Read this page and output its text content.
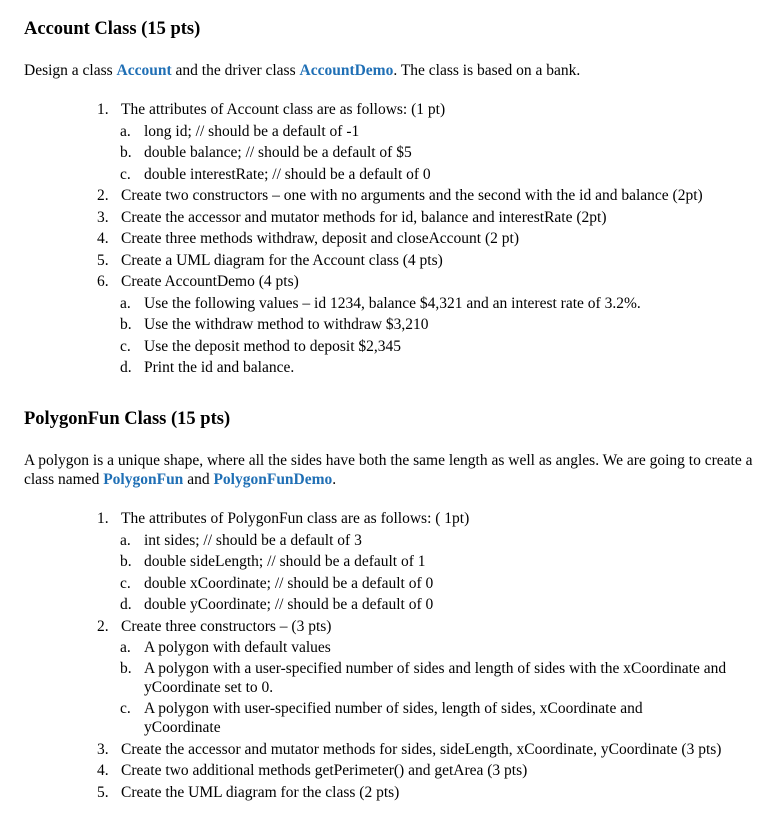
Account Class (15 pts)

Design a class Account and the driver class AccountDemo. The class is based on a bank.

1. The attributes of Account class are as follows: (1 pt)
a. long id; // should be a default of -1
b. double balance; // should be a default of $5
c. double interestRate; // should be a default of 0
2. Create two constructors – one with no arguments and the second with the id and balance (2pt)
3. Create the accessor and mutator methods for id, balance and interestRate (2pt)
4. Create three methods withdraw, deposit and closeAccount (2 pt)
5. Create a UML diagram for the Account class (4 pts)
6. Create AccountDemo (4 pts)
a. Use the following values – id 1234, balance $4,321 and an interest rate of 3.2%.
b. Use the withdraw method to withdraw $3,210
c. Use the deposit method to deposit $2,345
d. Print the id and balance.
PolygonFun Class (15 pts)

A polygon is a unique shape, where all the sides have both the same length as well as angles. We are going to create a class named PolygonFun and PolygonFunDemo.

1. The attributes of PolygonFun class are as follows: ( 1pt)
a. int sides; // should be a default of 3
b. double sideLength; // should be a default of 1
c. double xCoordinate; // should be a default of 0
d. double yCoordinate; // should be a default of 0
2. Create three constructors – (3 pts)
a. A polygon with default values
b. A polygon with a user-specified number of sides and length of sides with the xCoordinate and yCoordinate set to 0.
c. A polygon with user-specified number of sides, length of sides, xCoordinate and yCoordinate
3. Create the accessor and mutator methods for sides, sideLength, xCoordinate, yCoordinate (3 pts)
4. Create two additional methods getPerimeter() and getArea (3 pts)
5. Create the UML diagram for the class (2 pts)
